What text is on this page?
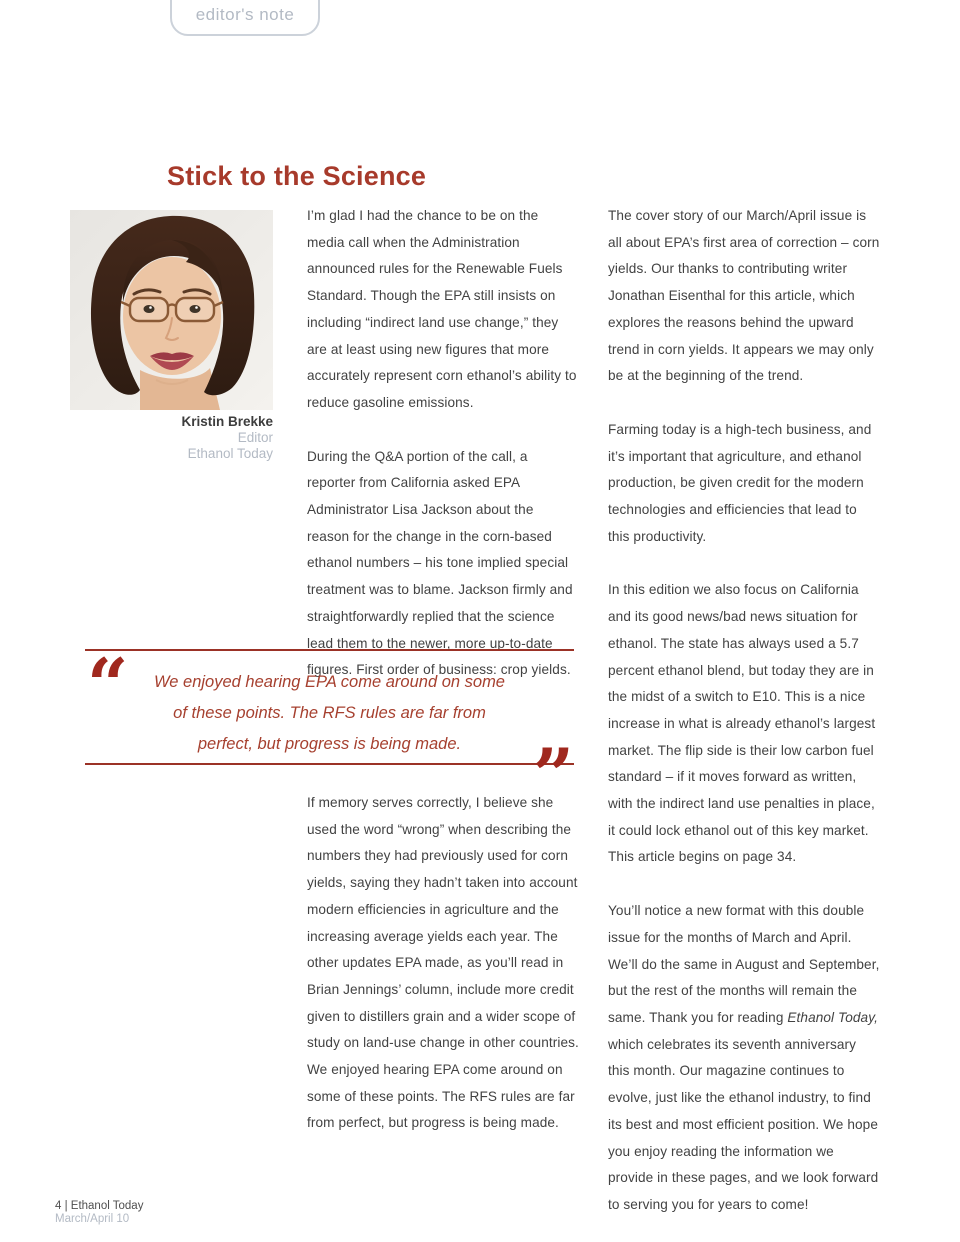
editor's note
Stick to the Science
Kristin Brekke
Editor
Ethanol Today

I’m glad I had the chance to be on the media call when the Administration announced rules for the Renewable Fuels Standard. Though the EPA still insists on including “indirect land use change,” they are at least using new figures that more accurately represent corn ethanol’s ability to reduce gasoline emissions.

During the Q&A portion of the call, a reporter from California asked EPA Administrator Lisa Jackson about the reason for the change in the corn-based ethanol numbers – his tone implied special treatment was to blame. Jackson firmly and straightforwardly replied that the science lead them to the newer, more up-to-date figures. First order of business: crop yields.

“ We enjoyed hearing EPA come around on some
of these points. The RFS rules are far from
perfect, but progress is being made. ”

If memory serves correctly, I believe she used the word “wrong” when describing the numbers they had previously used for corn yields, saying they hadn’t taken into account modern efficiencies in agriculture and the increasing average yields each year. The other updates EPA made, as you’ll read in Brian Jennings’ column, include more credit given to distillers grain and a wider scope of study on land-use change in other countries. We enjoyed hearing EPA come around on some of these points. The RFS rules are far from perfect, but progress is being made.

The cover story of our March/April issue is all about EPA’s first area of correction – corn yields. Our thanks to contributing writer Jonathan Eisenthal for this article, which explores the reasons behind the upward trend in corn yields. It appears we may only be at the beginning of the trend.

Farming today is a high-tech business, and it’s important that agriculture, and ethanol production, be given credit for the modern technologies and efficiencies that lead to this productivity.

In this edition we also focus on California and its good news/bad news situation for ethanol. The state has always used a 5.7 percent ethanol blend, but today they are in the midst of a switch to E10. This is a nice increase in what is already ethanol’s largest market. The flip side is their low carbon fuel standard – if it moves forward as written, with the indirect land use penalties in place, it could lock ethanol out of this key market. This article begins on page 34.

You’ll notice a new format with this double issue for the months of March and April. We’ll do the same in August and September, but the rest of the months will remain the same. Thank you for reading Ethanol Today, which celebrates its seventh anniversary this month. Our magazine continues to evolve, just like the ethanol industry, to find its best and most efficient position. We hope you enjoy reading the information we provide in these pages, and we look forward to serving you for years to come!

4 | Ethanol Today
March/April 10
